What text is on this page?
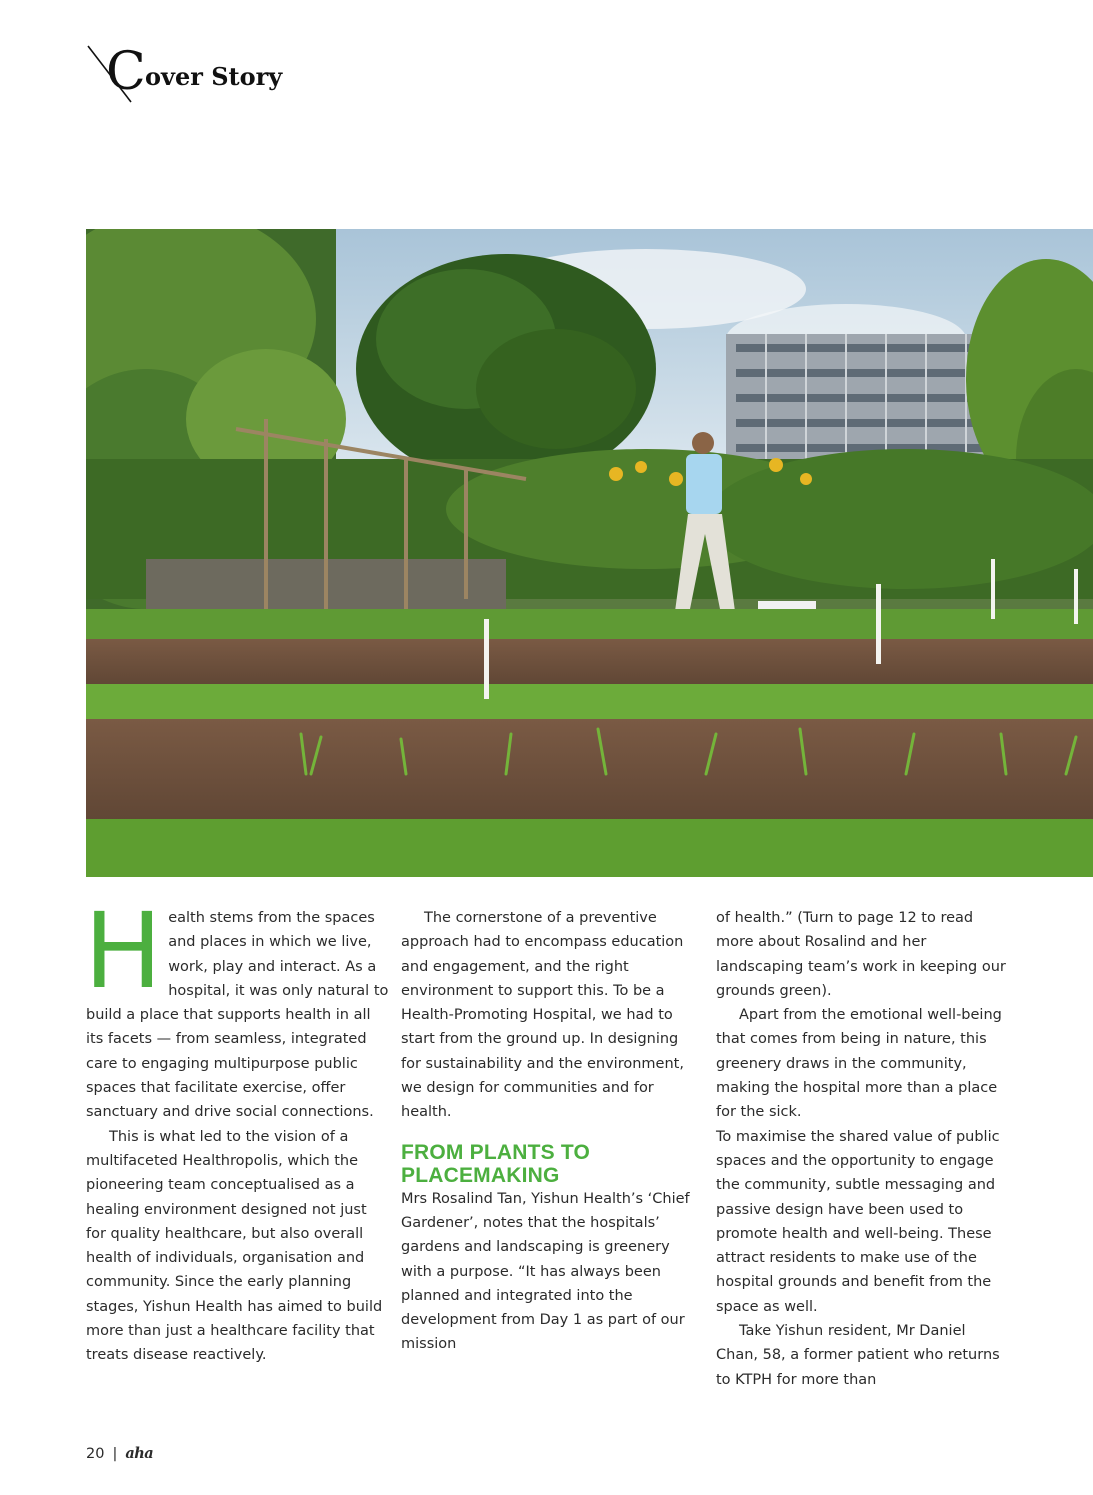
C over Story

Health stems from the spaces and places in which we live, work, play and interact. As a hospital, it was only natural to build a place that supports health in all its facets — from seamless, integrated care to engaging multipurpose public spaces that facilitate exercise, offer sanctuary and drive social connections.

This is what led to the vision of a multifaceted Healthropolis, which the pioneering team conceptualised as a healing environment designed not just for quality healthcare, but also overall health of individuals, organisation and community. Since the early planning stages, Yishun Health has aimed to build more than just a healthcare facility that treats disease reactively.

The cornerstone of a preventive approach had to encompass education and engagement, and the right environment to support this. To be a Health-Promoting Hospital, we had to start from the ground up. In designing for sustainability and the environment, we design for communities and for health.

FROM PLANTS TO
PLACEMAKING

Mrs Rosalind Tan, Yishun Health’s ‘Chief Gardener’, notes that the hospitals’ gardens and landscaping is greenery with a purpose. “It has always been planned and integrated into the development from Day 1 as part of our mission

of health.” (Turn to page 12 to read more about Rosalind and her landscaping team’s work in keeping our grounds green).

Apart from the emotional well-being that comes from being in nature, this greenery draws in the community, making the hospital more than a place for the sick.

To maximise the shared value of public spaces and the opportunity to engage the community, subtle messaging and passive design have been used to promote health and well-being. These attract residents to make use of the hospital grounds and benefit from the space as well.

Take Yishun resident, Mr Daniel Chan, 58, a former patient who returns to KTPH for more than

20 | aha
